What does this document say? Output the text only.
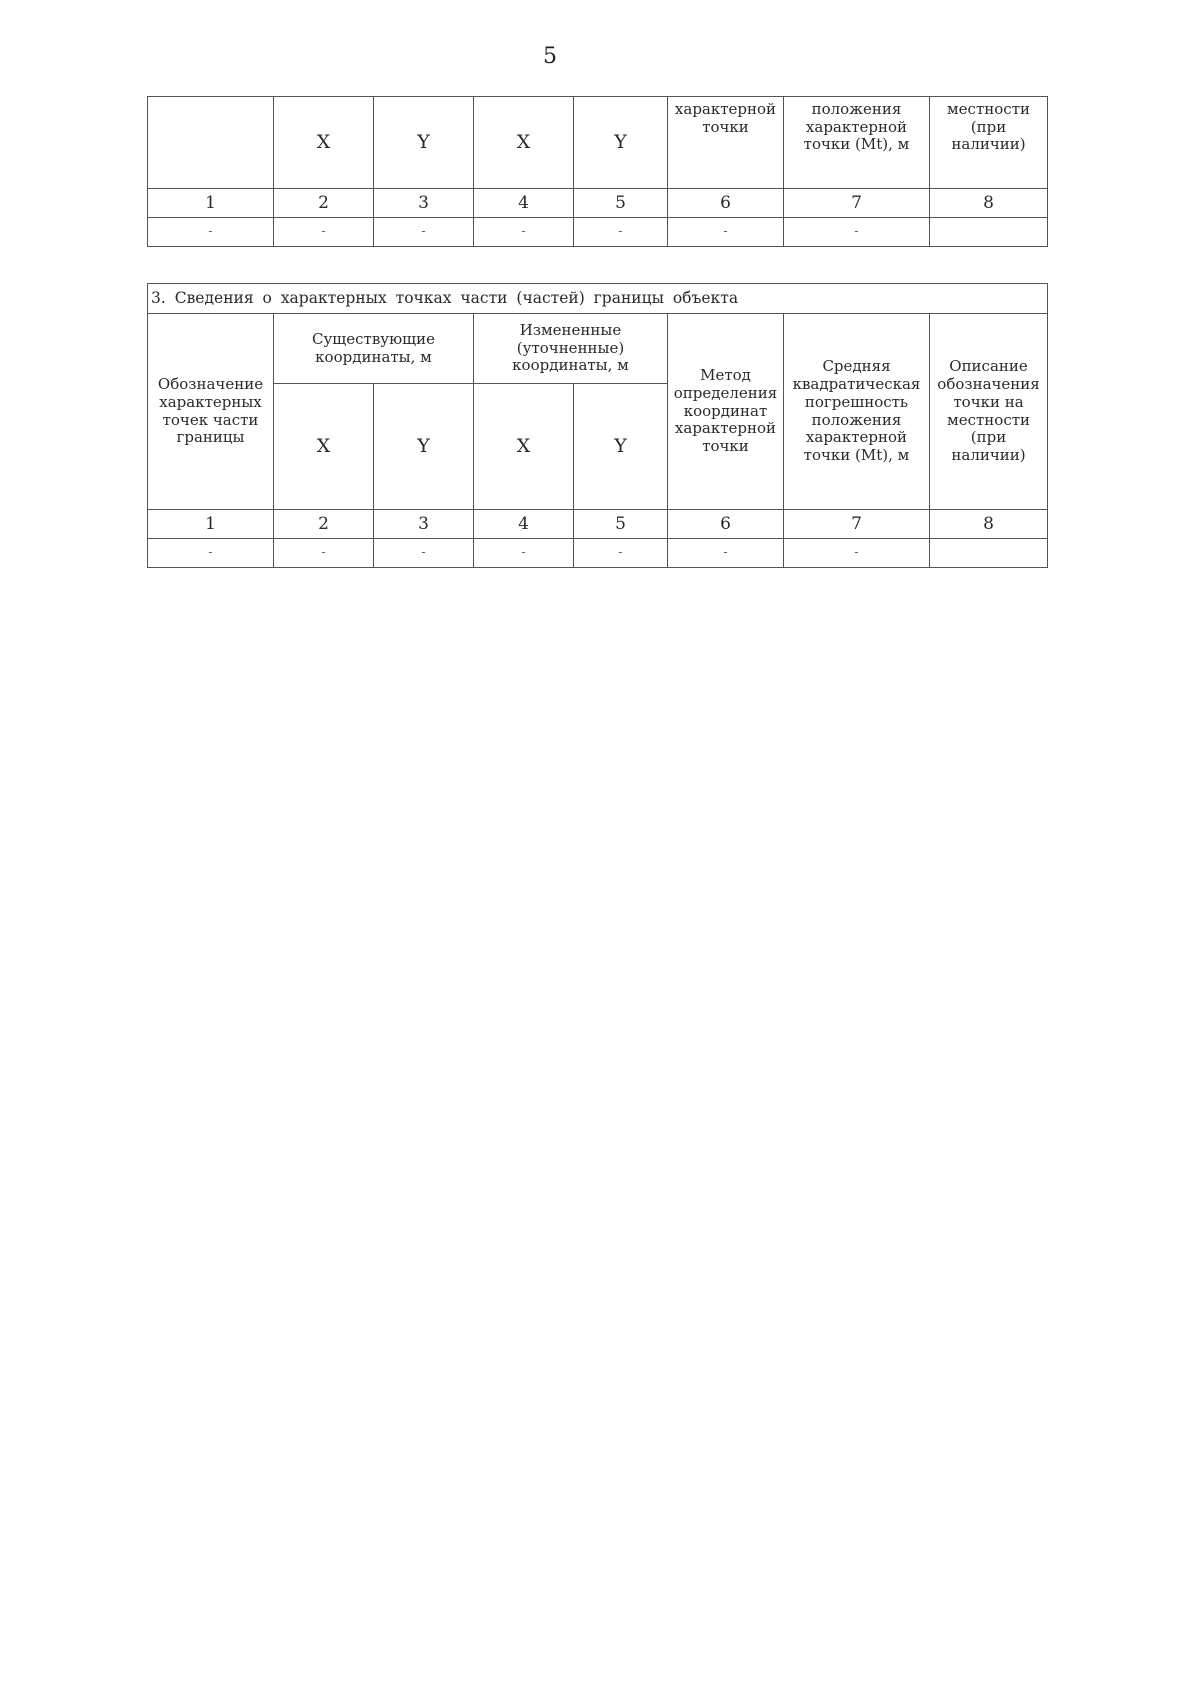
5
	X	Y	X	Y	характерной точки	положения характерной точки (Mt), м	местности (при наличии)
1	2	3	4	5	6	7	8
-	-	-	-	-	-	-	
3. Сведения о характерных точках части (частей) границы объекта							
Обозначение характерных точек части границы	Существующие координаты, м		Измененные (уточненные) координаты, м		Метод определения координат характерной точки	Средняя квадратическая погрешность положения характерной точки (Mt), м	Описание обозначения точки на местности (при наличии)
	X	Y	X	Y			
1	2	3	4	5	6	7	8
-	-	-	-	-	-	-	
